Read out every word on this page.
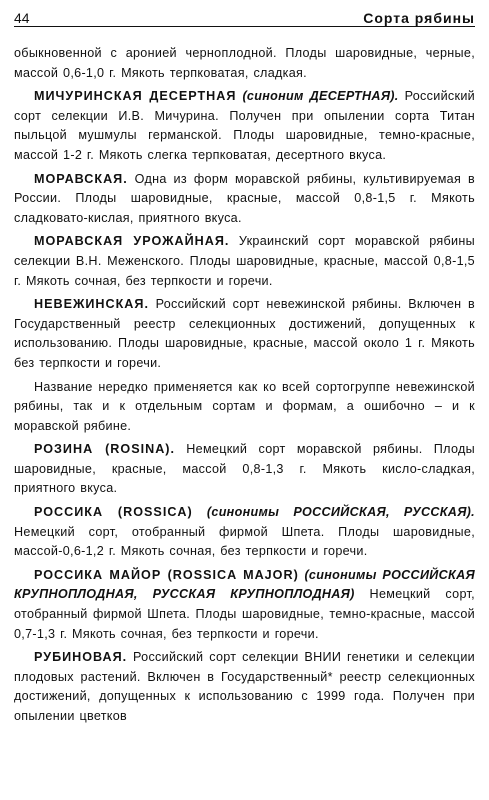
44	Сорта рябины

обыкновенной с аронией черноплодной. Плоды шаровидные, черные, массой 0,6-1,0 г. Мякоть терпковатая, сладкая.

МИЧУРИНСКАЯ ДЕСЕРТНАЯ (синоним ДЕСЕРТНАЯ). Российский сорт селекции И.В. Мичурина. Получен при опылении сорта Титан пыльцой мушмулы германской. Плоды шаровидные, темно-красные, массой 1-2 г. Мякоть слегка терпковатая, десертного вкуса.

МОРАВСКАЯ. Одна из форм моравской рябины, культивируемая в России. Плоды шаровидные, красные, массой 0,8-1,5 г. Мякоть сладковато-кислая, приятного вкуса.

МОРАВСКАЯ УРОЖАЙНАЯ. Украинский сорт моравской рябины селекции В.Н. Меженского. Плоды шаровидные, красные, массой 0,8-1,5 г. Мякоть сочная, без терпкости и горечи.

НЕВЕЖИНСКАЯ. Российский сорт невежинской рябины. Включен в Государственный реестр селекционных достижений, допущенных к использованию. Плоды шаровидные, красные, массой около 1 г. Мякоть без терпкости и горечи.

Название нередко применяется как ко всей сортогруппе невежинской рябины, так и к отдельным сортам и формам, а ошибочно – и к моравской рябине.

РОЗИНА (ROSINA). Немецкий сорт моравской рябины. Плоды шаровидные, красные, массой 0,8-1,3 г. Мякоть кисло-сладкая, приятного вкуса.

РОССИКА (ROSSICA) (синонимы РОССИЙСКАЯ, РУССКАЯ). Немецкий сорт, отобранный фирмой Шпета. Плоды шаровидные, массой-0,6-1,2 г. Мякоть сочная, без терпкости и горечи.

РОССИКА МАЙОР (ROSSICA MAJOR) (синонимы РОССИЙСКАЯ КРУПНОПЛОДНАЯ, РУССКАЯ КРУПНОПЛОДНАЯ) Немецкий сорт, отобранный фирмой Шпета. Плоды шаровидные, темно-красные, массой 0,7-1,3 г. Мякоть сочная, без терпкости и горечи.

РУБИНОВАЯ. Российский сорт селекции ВНИИ генетики и селекции плодовых растений. Включен в Государственный* реестр селекционных достижений, допущенных к использованию с 1999 года. Получен при опылении цветков
